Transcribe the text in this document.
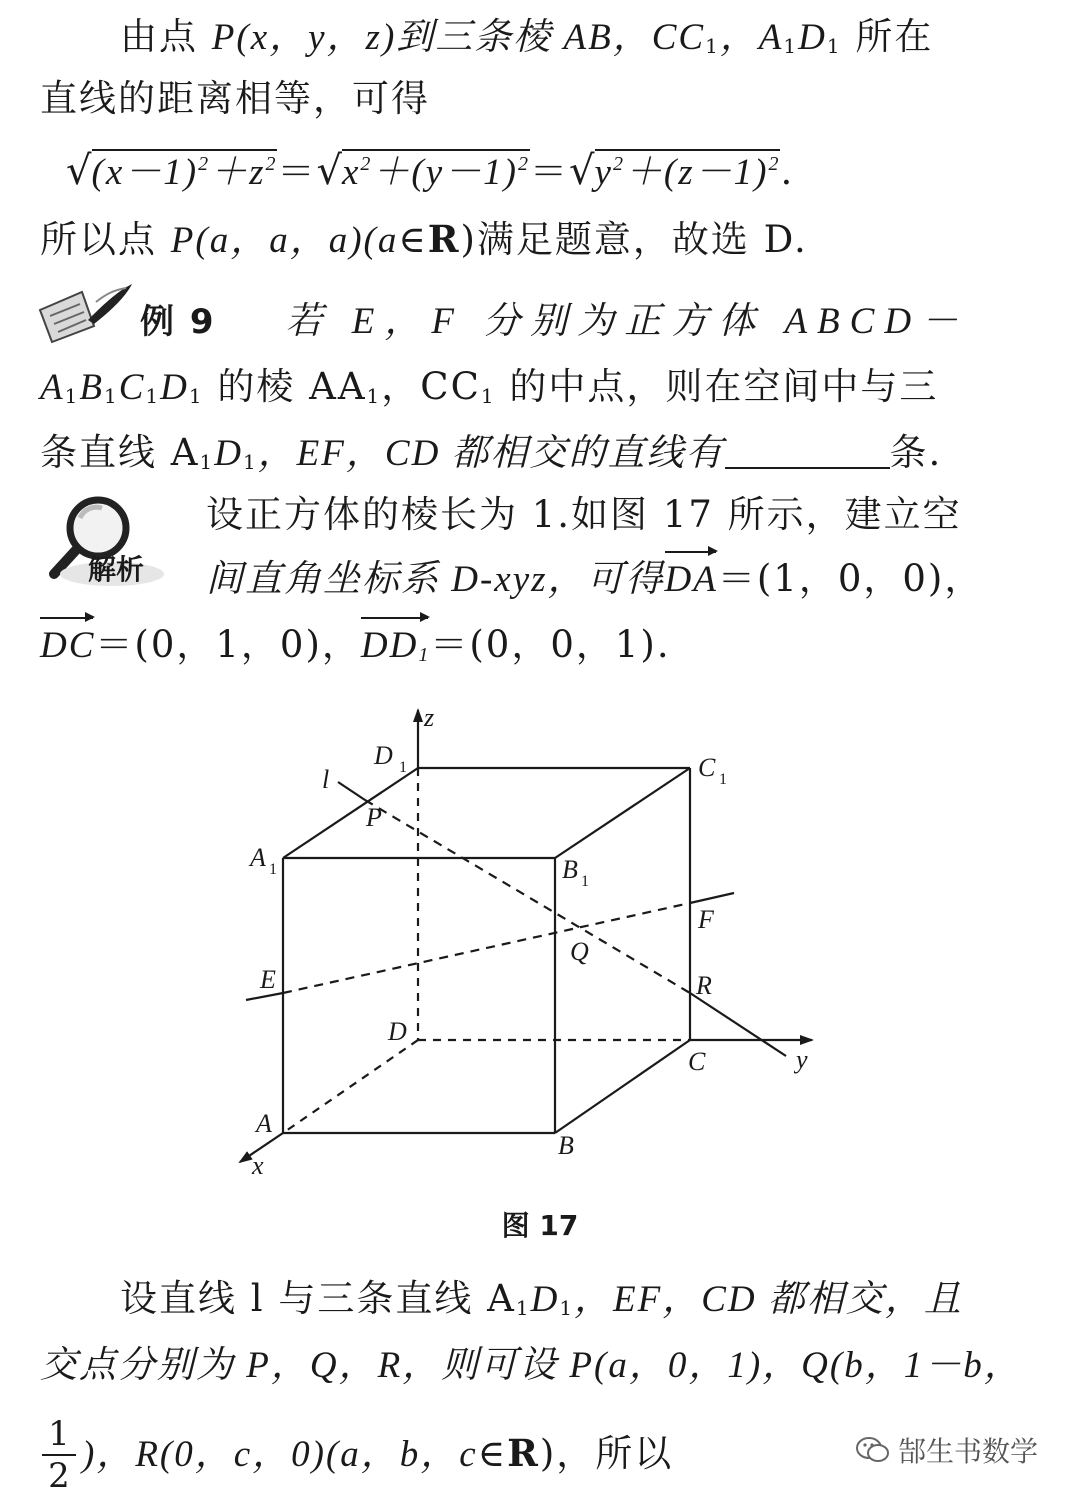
由点 P(x，y，z)到三条棱 AB，$CC_1$，$A_1D_1$ 所在
直线的距离相等，可得
$√(x-1)^2+z^2=√x^2+(y-1)^2=√y^2+(z-1)^2$.
所以点 P(a，a，a)(a∈R)满足题意，故选 D.
例 9 若 E，F 分别为正方体 ABCD－
$A_1B_1C_1D_1$ 的棱 $AA_1$，$CC_1$ 的中点，则在空间中与三
条直线 $A_1D_1$，EF，CD 都相交的直线有	条.
解析
设正方体的棱长为 1.如图 17 所示，建立空
间直角坐标系 D-xyz，可得DA＝(1，0，0)，
DC＝(0，1，0)，$DD_1=(0$，0，1).
z
y
x
l
D 1	C 1
A 1	B 1
P
Q
R
E
F
D
C
A
B
图 17
设直线 l 与三条直线 $A_1D_1$，EF，CD 都相交，且
交点分别为 P，Q，R，则可设 P(a，0，1)，Q(b，1－b，
$\frac{1}{2}$ )，R(0，c，0)(a，b，c∈R)，所以	郜生书数学
